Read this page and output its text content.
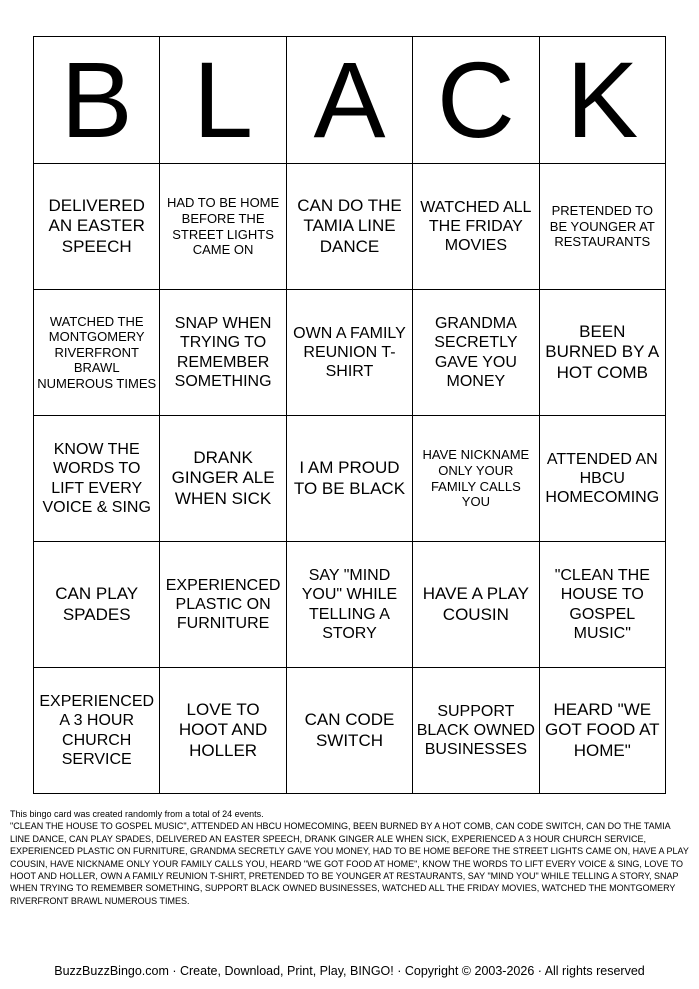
B	L	A	C	K
DELIVERED AN EASTER SPEECH	HAD TO BE HOME BEFORE THE STREET LIGHTS CAME ON	CAN DO THE TAMIA LINE DANCE	WATCHED ALL THE FRIDAY MOVIES	PRETENDED TO BE YOUNGER AT RESTAURANTS
WATCHED THE MONTGOMERY RIVERFRONT BRAWL NUMEROUS TIMES	SNAP WHEN TRYING TO REMEMBER SOMETHING	OWN A FAMILY REUNION T-SHIRT	GRANDMA SECRETLY GAVE YOU MONEY	BEEN BURNED BY A HOT COMB
KNOW THE WORDS TO LIFT EVERY VOICE & SING	DRANK GINGER ALE WHEN SICK	I AM PROUD TO BE BLACK	HAVE NICKNAME ONLY YOUR FAMILY CALLS YOU	ATTENDED AN HBCU HOMECOMING
CAN PLAY SPADES	EXPERIENCED PLASTIC ON FURNITURE	SAY "MIND YOU" WHILE TELLING A STORY	HAVE A PLAY COUSIN	"CLEAN THE HOUSE TO GOSPEL MUSIC"
EXPERIENCED A 3 HOUR CHURCH SERVICE	LOVE TO HOOT AND HOLLER	CAN CODE SWITCH	SUPPORT BLACK OWNED BUSINESSES	HEARD "WE GOT FOOD AT HOME"

This bingo card was created randomly from a total of 24 events.

"CLEAN THE HOUSE TO GOSPEL MUSIC", ATTENDED AN HBCU HOMECOMING, BEEN BURNED BY A HOT COMB, CAN CODE SWITCH, CAN DO THE TAMIA LINE DANCE, CAN PLAY SPADES, DELIVERED AN EASTER SPEECH, DRANK GINGER ALE WHEN SICK, EXPERIENCED A 3 HOUR CHURCH SERVICE, EXPERIENCED PLASTIC ON FURNITURE, GRANDMA SECRETLY GAVE YOU MONEY, HAD TO BE HOME BEFORE THE STREET LIGHTS CAME ON, HAVE A PLAY COUSIN, HAVE NICKNAME ONLY YOUR FAMILY CALLS YOU, HEARD "WE GOT FOOD AT HOME", KNOW THE WORDS TO LIFT EVERY VOICE & SING, LOVE TO HOOT AND HOLLER, OWN A FAMILY REUNION T-SHIRT, PRETENDED TO BE YOUNGER AT RESTAURANTS, SAY "MIND YOU" WHILE TELLING A STORY, SNAP WHEN TRYING TO REMEMBER SOMETHING, SUPPORT BLACK OWNED BUSINESSES, WATCHED ALL THE FRIDAY MOVIES, WATCHED THE MONTGOMERY RIVERFRONT BRAWL NUMEROUS TIMES.

BuzzBuzzBingo.com · Create, Download, Print, Play, BINGO! · Copyright © 2003-2026 · All rights reserved
